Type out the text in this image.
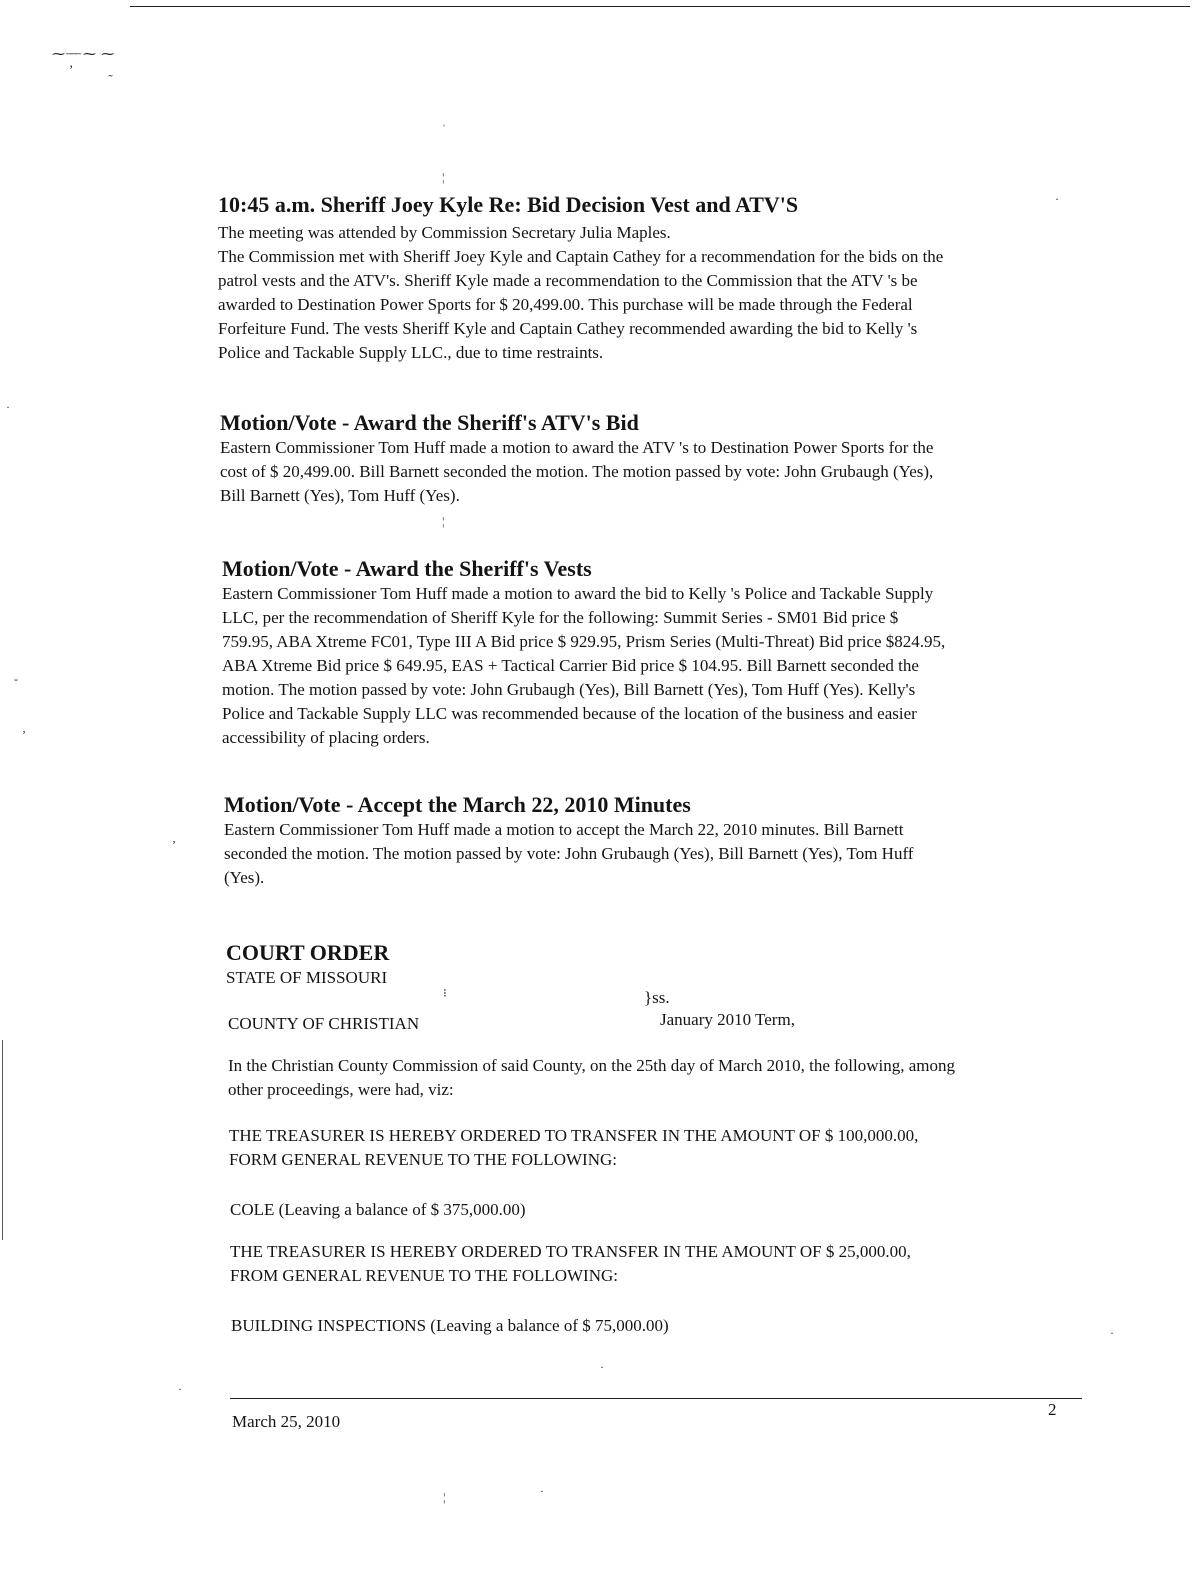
⁓ ̶ ̶ ̶ ⁓ ⁓
ʼ        ˷
ˈ
¦
·
·
¦
-
ʼ
ʼ
⁝
·
·
·
¦	·
10:45 a.m. Sheriff Joey Kyle Re: Bid Decision Vest and ATV'S
The meeting was attended by Commission Secretary Julia Maples.
The Commission met with Sheriff Joey Kyle and Captain Cathey for a recommendation for the bids on the
patrol vests and the ATV's. Sheriff Kyle made a recommendation to the Commission that the ATV 's be
awarded to Destination Power Sports for $ 20,499.00. This purchase will be made through the Federal
Forfeiture Fund. The vests Sheriff Kyle and Captain Cathey recommended awarding the bid to Kelly 's
Police and Tackable Supply LLC., due to time restraints.
Motion/Vote - Award the Sheriff's ATV's Bid
Eastern Commissioner Tom Huff made a motion to award the ATV 's to Destination Power Sports for the
cost of $ 20,499.00. Bill Barnett seconded the motion. The motion passed by vote: John Grubaugh (Yes),
Bill Barnett (Yes), Tom Huff (Yes).
Motion/Vote - Award the Sheriff's Vests
Eastern Commissioner Tom Huff made a motion to award the bid to Kelly 's Police and Tackable Supply
LLC, per the recommendation of Sheriff Kyle for the following: Summit Series - SM01 Bid price $
759.95, ABA Xtreme FC01, Type III A Bid price $ 929.95, Prism Series (Multi-Threat) Bid price $824.95,
ABA Xtreme Bid price $ 649.95, EAS + Tactical Carrier Bid price $ 104.95. Bill Barnett seconded the
motion. The motion passed by vote: John Grubaugh (Yes), Bill Barnett (Yes), Tom Huff (Yes). Kelly's
Police and Tackable Supply LLC was recommended because of the location of the business and easier
accessibility of placing orders.
Motion/Vote - Accept the March 22, 2010 Minutes
Eastern Commissioner Tom Huff made a motion to accept the March 22, 2010 minutes. Bill Barnett
seconded the motion. The motion passed by vote: John Grubaugh (Yes), Bill Barnett (Yes), Tom Huff
(Yes).
COURT ORDER

STATE OF MISSOURI

}ss.

COUNTY OF CHRISTIAN	January 2010 Term,

In the Christian County Commission of said County, on the 25th day of March 2010, the following, among
other proceedings, were had, viz:
THE TREASURER IS HEREBY ORDERED TO TRANSFER IN THE AMOUNT OF $ 100,000.00,
FORM GENERAL REVENUE TO THE FOLLOWING:

COLE (Leaving a balance of $ 375,000.00)

THE TREASURER IS HEREBY ORDERED TO TRANSFER IN THE AMOUNT OF $ 25,000.00,
FROM GENERAL REVENUE TO THE FOLLOWING:

BUILDING INSPECTIONS (Leaving a balance of $ 75,000.00)

March 25, 2010

2
